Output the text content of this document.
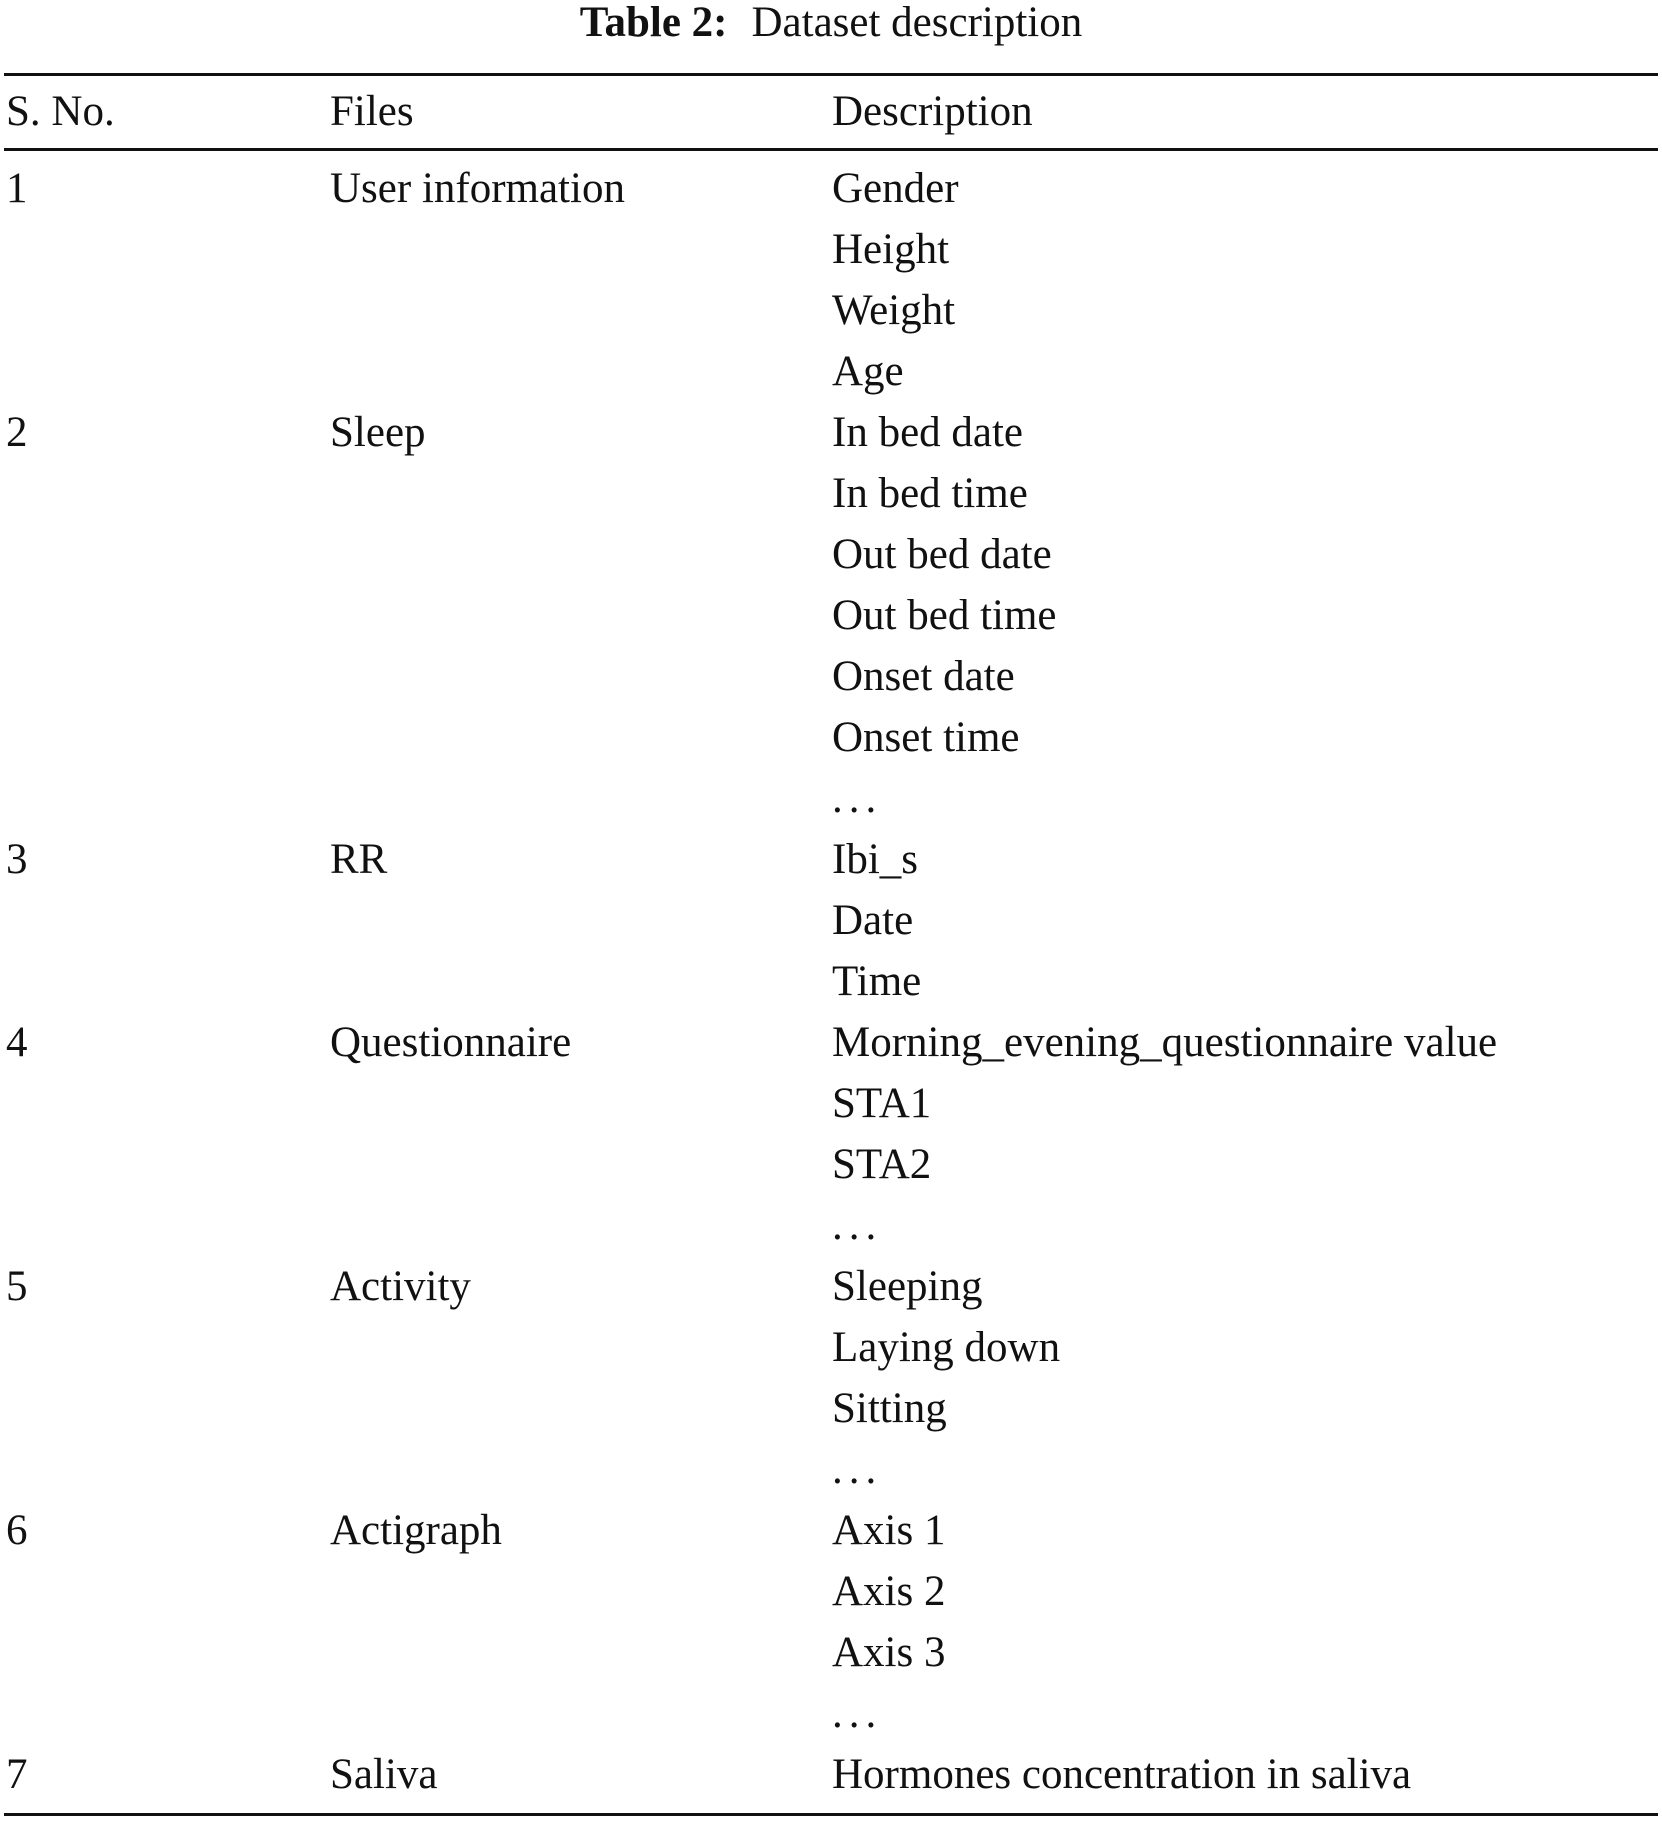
Table 2: Dataset description
S. No.	Files	Description
1	User information	Gender
Height
Weight
Age
2	Sleep	In bed date
In bed time
Out bed date
Out bed time
Onset date
Onset time
...
3	RR	Ibi_s
Date
Time
4	Questionnaire	Morning_evening_questionnaire value
STA1
STA2
...
5	Activity	Sleeping
Laying down
Sitting
...
6	Actigraph	Axis 1
Axis 2
Axis 3
...
7	Saliva	Hormones concentration in saliva
